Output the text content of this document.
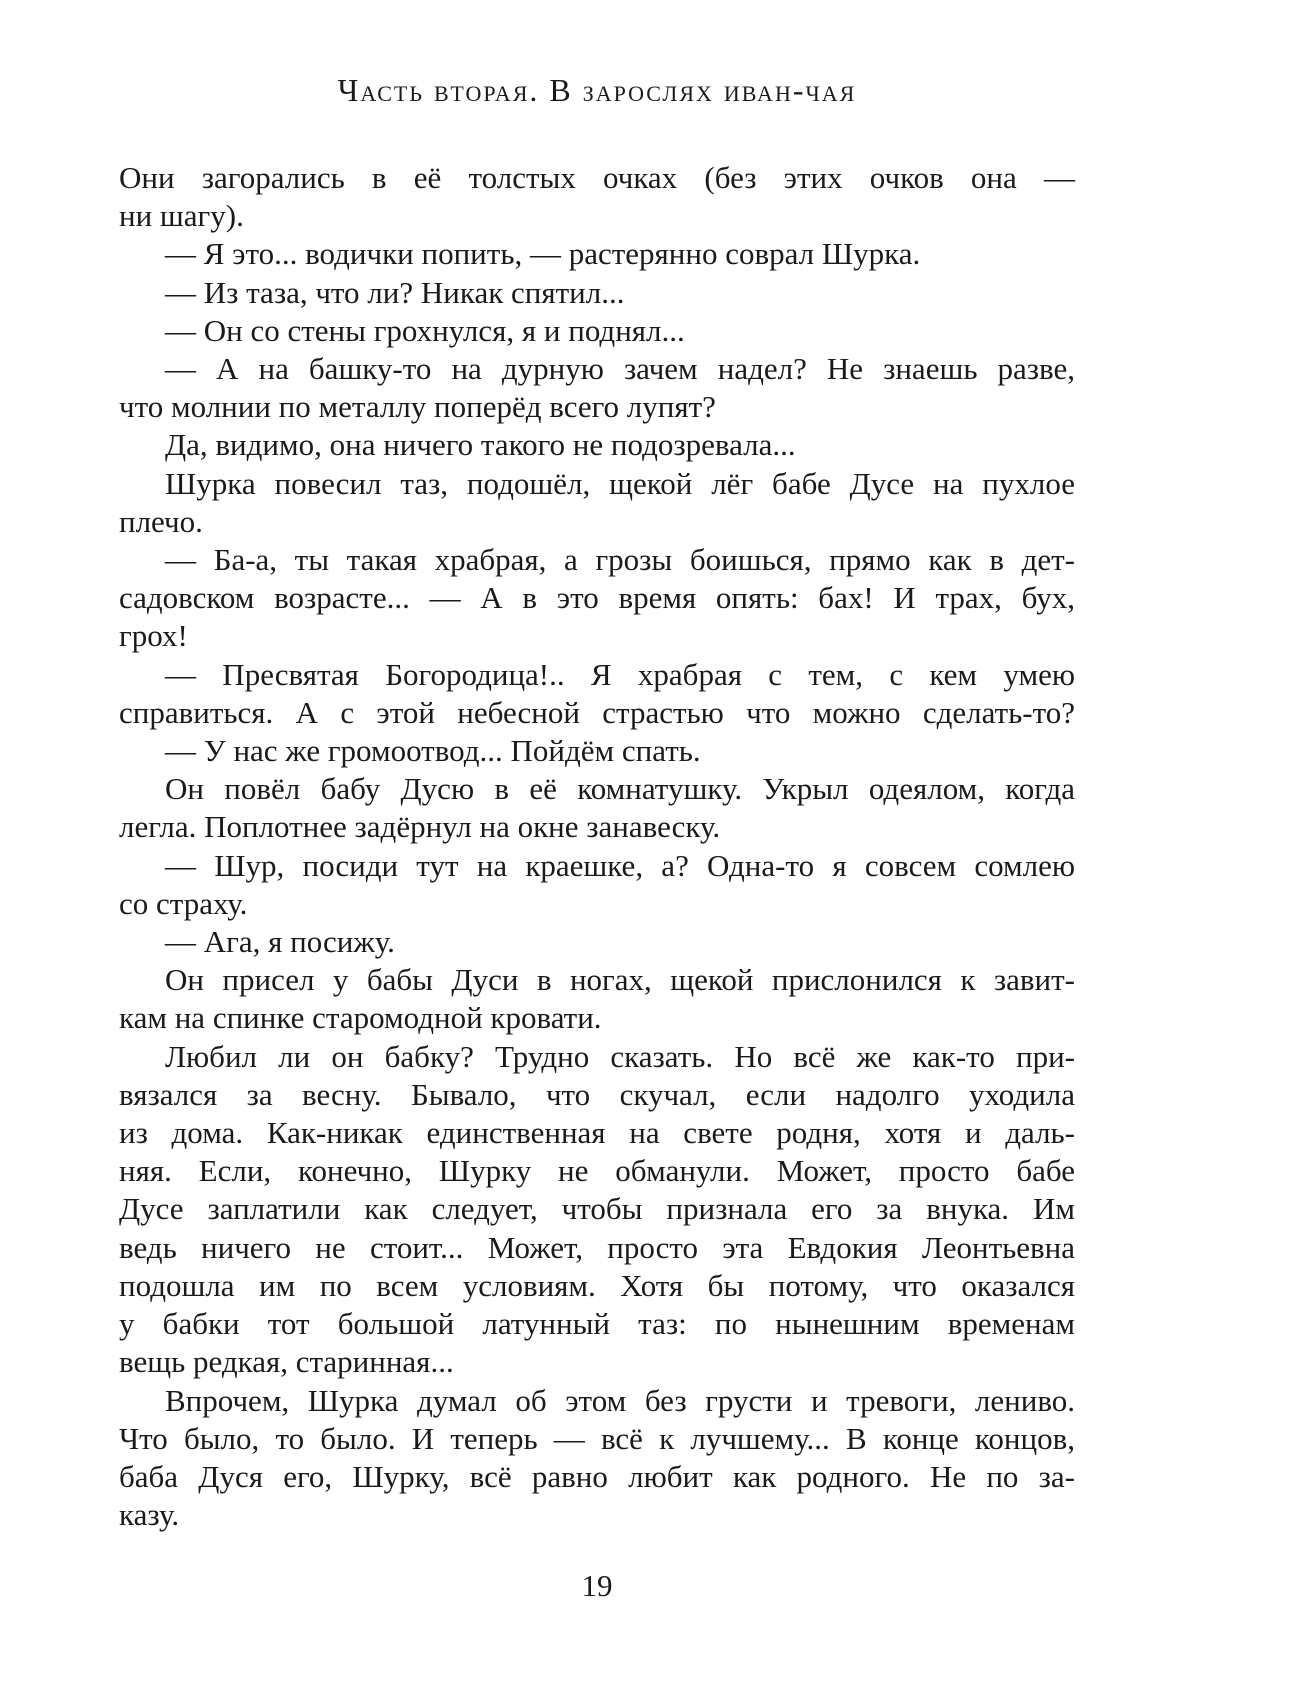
Часть вторая. В зарослях иван-чая
Они загорались в её толстых очках (без этих очков она —
ни шагу).
— Я это... водички попить, — растерянно соврал Шурка.
— Из таза, что ли? Никак спятил...
— Он со стены грохнулся, я и поднял...
— А на башку-то на дурную зачем надел? Не знаешь разве,
что молнии по металлу поперёд всего лупят?
Да, видимо, она ничего такого не подозревала...
Шурка повесил таз, подошёл, щекой лёг бабе Дусе на пухлое
плечо.
— Ба-а, ты такая храбрая, а грозы боишься, прямо как в дет-
садовском возрасте... — А в это время опять: бах! И трах, бух,
грох!
— Пресвятая Богородица!.. Я храбрая с тем, с кем умею
справиться. А с этой небесной страстью что можно сделать-то?
— У нас же громоотвод... Пойдём спать.
Он повёл бабу Дусю в её комнатушку. Укрыл одеялом, когда
легла. Поплотнее задёрнул на окне занавеску.
— Шур, посиди тут на краешке, а? Одна-то я совсем сомлею
со страху.
— Ага, я посижу.
Он присел у бабы Дуси в ногах, щекой прислонился к завит-
кам на спинке старомодной кровати.
Любил ли он бабку? Трудно сказать. Но всё же как-то при-
вязался за весну. Бывало, что скучал, если надолго уходила
из дома. Как-никак единственная на свете родня, хотя и даль-
няя. Если, конечно, Шурку не обманули. Может, просто бабе
Дусе заплатили как следует, чтобы признала его за внука. Им
ведь ничего не стоит... Может, просто эта Евдокия Леонтьевна
подошла им по всем условиям. Хотя бы потому, что оказался
у бабки тот большой латунный таз: по нынешним временам
вещь редкая, старинная...
Впрочем, Шурка думал об этом без грусти и тревоги, лениво.
Что было, то было. И теперь — всё к лучшему... В конце концов,
баба Дуся его, Шурку, всё равно любит как родного. Не по за-
казу.
19
